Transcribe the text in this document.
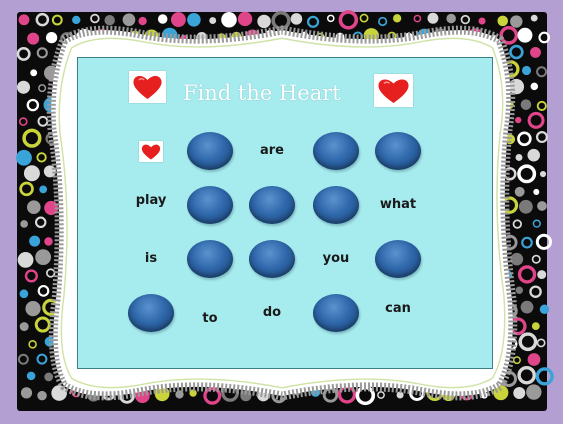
Find the Heart
are
play	what
is	you
to	do	can
